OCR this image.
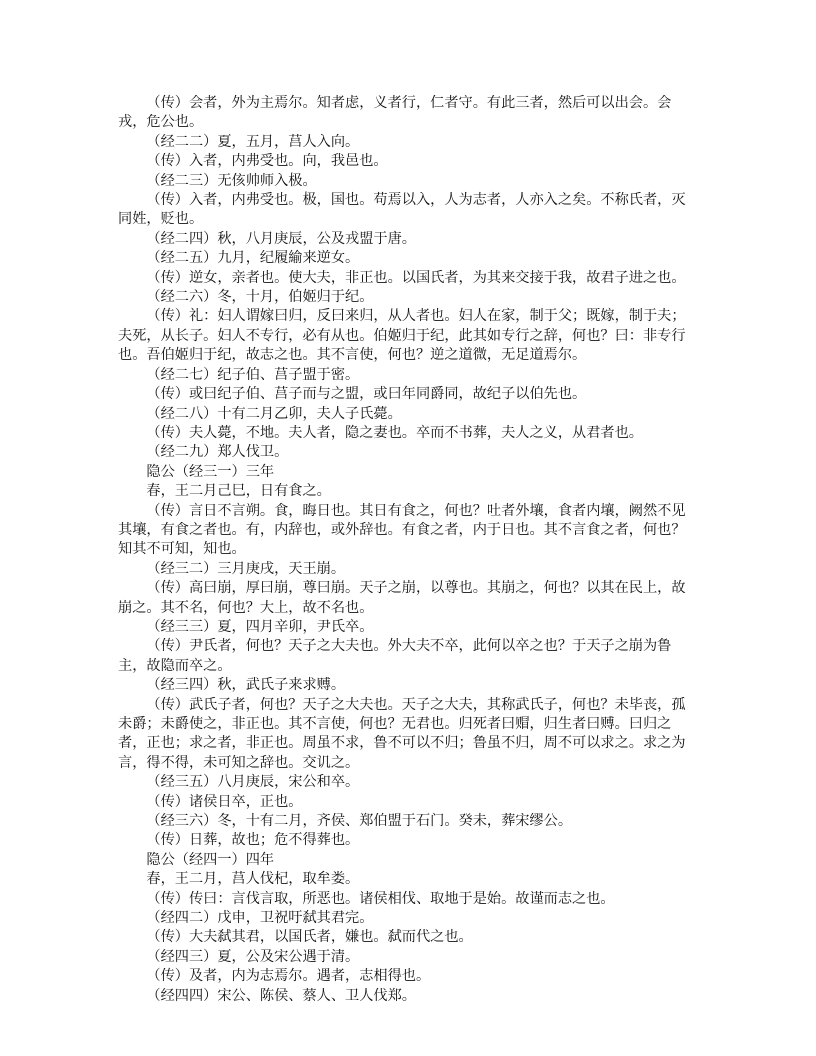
（传）会者，外为主焉尔。知者虑，义者行，仁者守。有此三者，然后可以出会。会戎，危公也。

（经二二）夏，五月，莒人入向。

（传）入者，内弗受也。向，我邑也。

（经二三）无侅帅师入极。

（传）入者，内弗受也。极，国也。苟焉以入，人为志者，人亦入之矣。不称氏者，灭同姓，贬也。

（经二四）秋，八月庚辰，公及戎盟于唐。

（经二五）九月，纪履緰来逆女。

（传）逆女，亲者也。使大夫，非正也。以国氏者，为其来交接于我，故君子进之也。

（经二六）冬，十月，伯姬归于纪。

（传）礼：妇人谓嫁曰归，反曰来归，从人者也。妇人在家，制于父；既嫁，制于夫；夫死，从长子。妇人不专行，必有从也。伯姬归于纪，此其如专行之辞，何也？曰：非专行也。吾伯姬归于纪，故志之也。其不言使，何也？逆之道微，无足道焉尔。

（经二七）纪子伯、莒子盟于密。

（传）或曰纪子伯、莒子而与之盟，或曰年同爵同，故纪子以伯先也。

（经二八）十有二月乙卯，夫人子氏薨。

（传）夫人薨，不地。夫人者，隐之妻也。卒而不书葬，夫人之义，从君者也。

（经二九）郑人伐卫。

隐公（经三一）三年

春，王二月己巳，日有食之。

（传）言日不言朔。食，晦日也。其日有食之，何也？吐者外壤，食者内壤，阙然不见其壤，有食之者也。有，内辞也，或外辞也。有食之者，内于日也。其不言食之者，何也？知其不可知，知也。

（经三二）三月庚戌，天王崩。

（传）高曰崩，厚曰崩，尊曰崩。天子之崩，以尊也。其崩之，何也？以其在民上，故崩之。其不名，何也？大上，故不名也。

（经三三）夏，四月辛卯，尹氏卒。

（传）尹氏者，何也？天子之大夫也。外大夫不卒，此何以卒之也？于天子之崩为鲁主，故隐而卒之。

（经三四）秋，武氏子来求赙。

（传）武氏子者，何也？天子之大夫也。天子之大夫，其称武氏子，何也？未毕丧，孤未爵；未爵使之，非正也。其不言使，何也？无君也。归死者曰赗，归生者曰赙。曰归之者，正也；求之者，非正也。周虽不求，鲁不可以不归；鲁虽不归，周不可以求之。求之为言，得不得，未可知之辞也。交讥之。

（经三五）八月庚辰，宋公和卒。

（传）诸侯日卒，正也。

（经三六）冬，十有二月，齐侯、郑伯盟于石门。癸未，葬宋缪公。

（传）日葬，故也；危不得葬也。

隐公（经四一）四年

春，王二月，莒人伐杞，取牟娄。

（传）传曰：言伐言取，所恶也。诸侯相伐、取地于是始。故谨而志之也。

（经四二）戊申，卫祝吁弑其君完。

（传）大夫弑其君，以国氏者，嫌也。弑而代之也。

（经四三）夏，公及宋公遇于清。

（传）及者，内为志焉尔。遇者，志相得也。

（经四四）宋公、陈侯、蔡人、卫人伐郑。
